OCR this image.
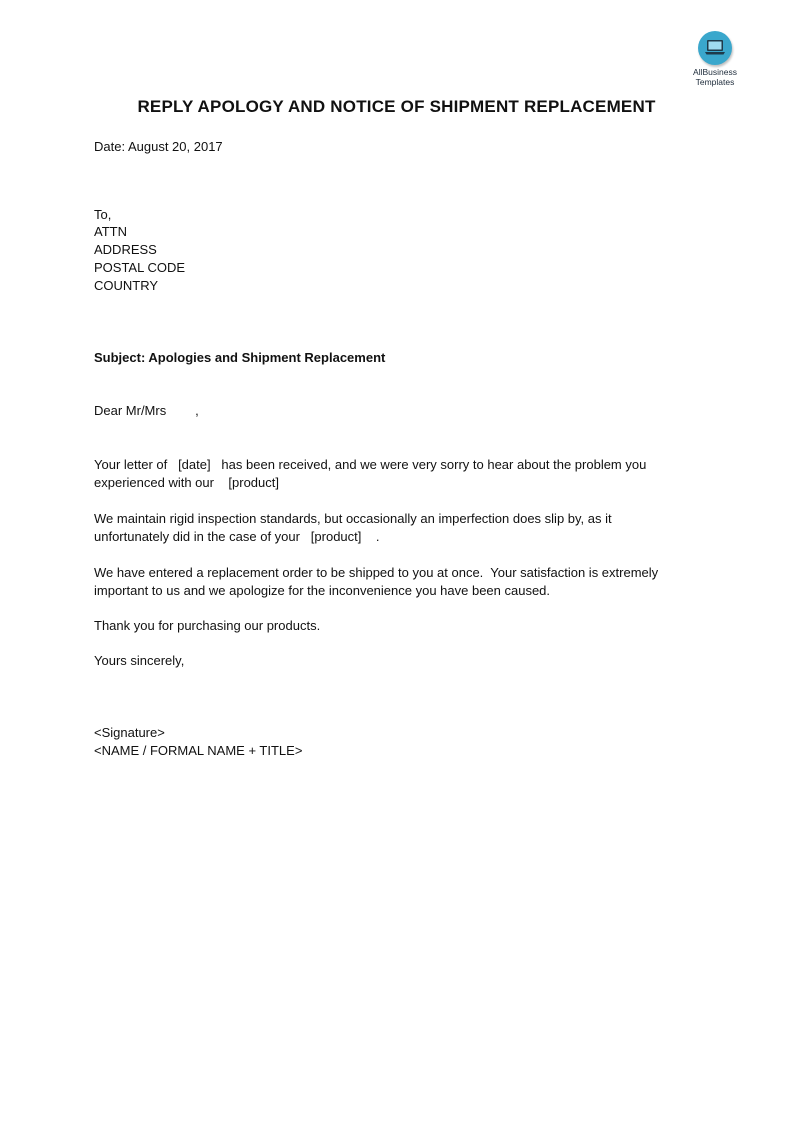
AllBusiness
Templates
REPLY APOLOGY AND NOTICE OF SHIPMENT REPLACEMENT
Date: August 20, 2017
To,
ATTN
ADDRESS
POSTAL CODE
COUNTRY
Subject: Apologies and Shipment Replacement
Dear Mr/Mrs        ,
Your letter of   [date]   has been received, and we were very sorry to hear about the problem you
experienced with our    [product]
We maintain rigid inspection standards, but occasionally an imperfection does slip by, as it
unfortunately did in the case of your   [product]    .
We have entered a replacement order to be shipped to you at once.  Your satisfaction is extremely
important to us and we apologize for the inconvenience you have been caused.
Thank you for purchasing our products.
Yours sincerely,
<Signature>
<NAME / FORMAL NAME + TITLE>
